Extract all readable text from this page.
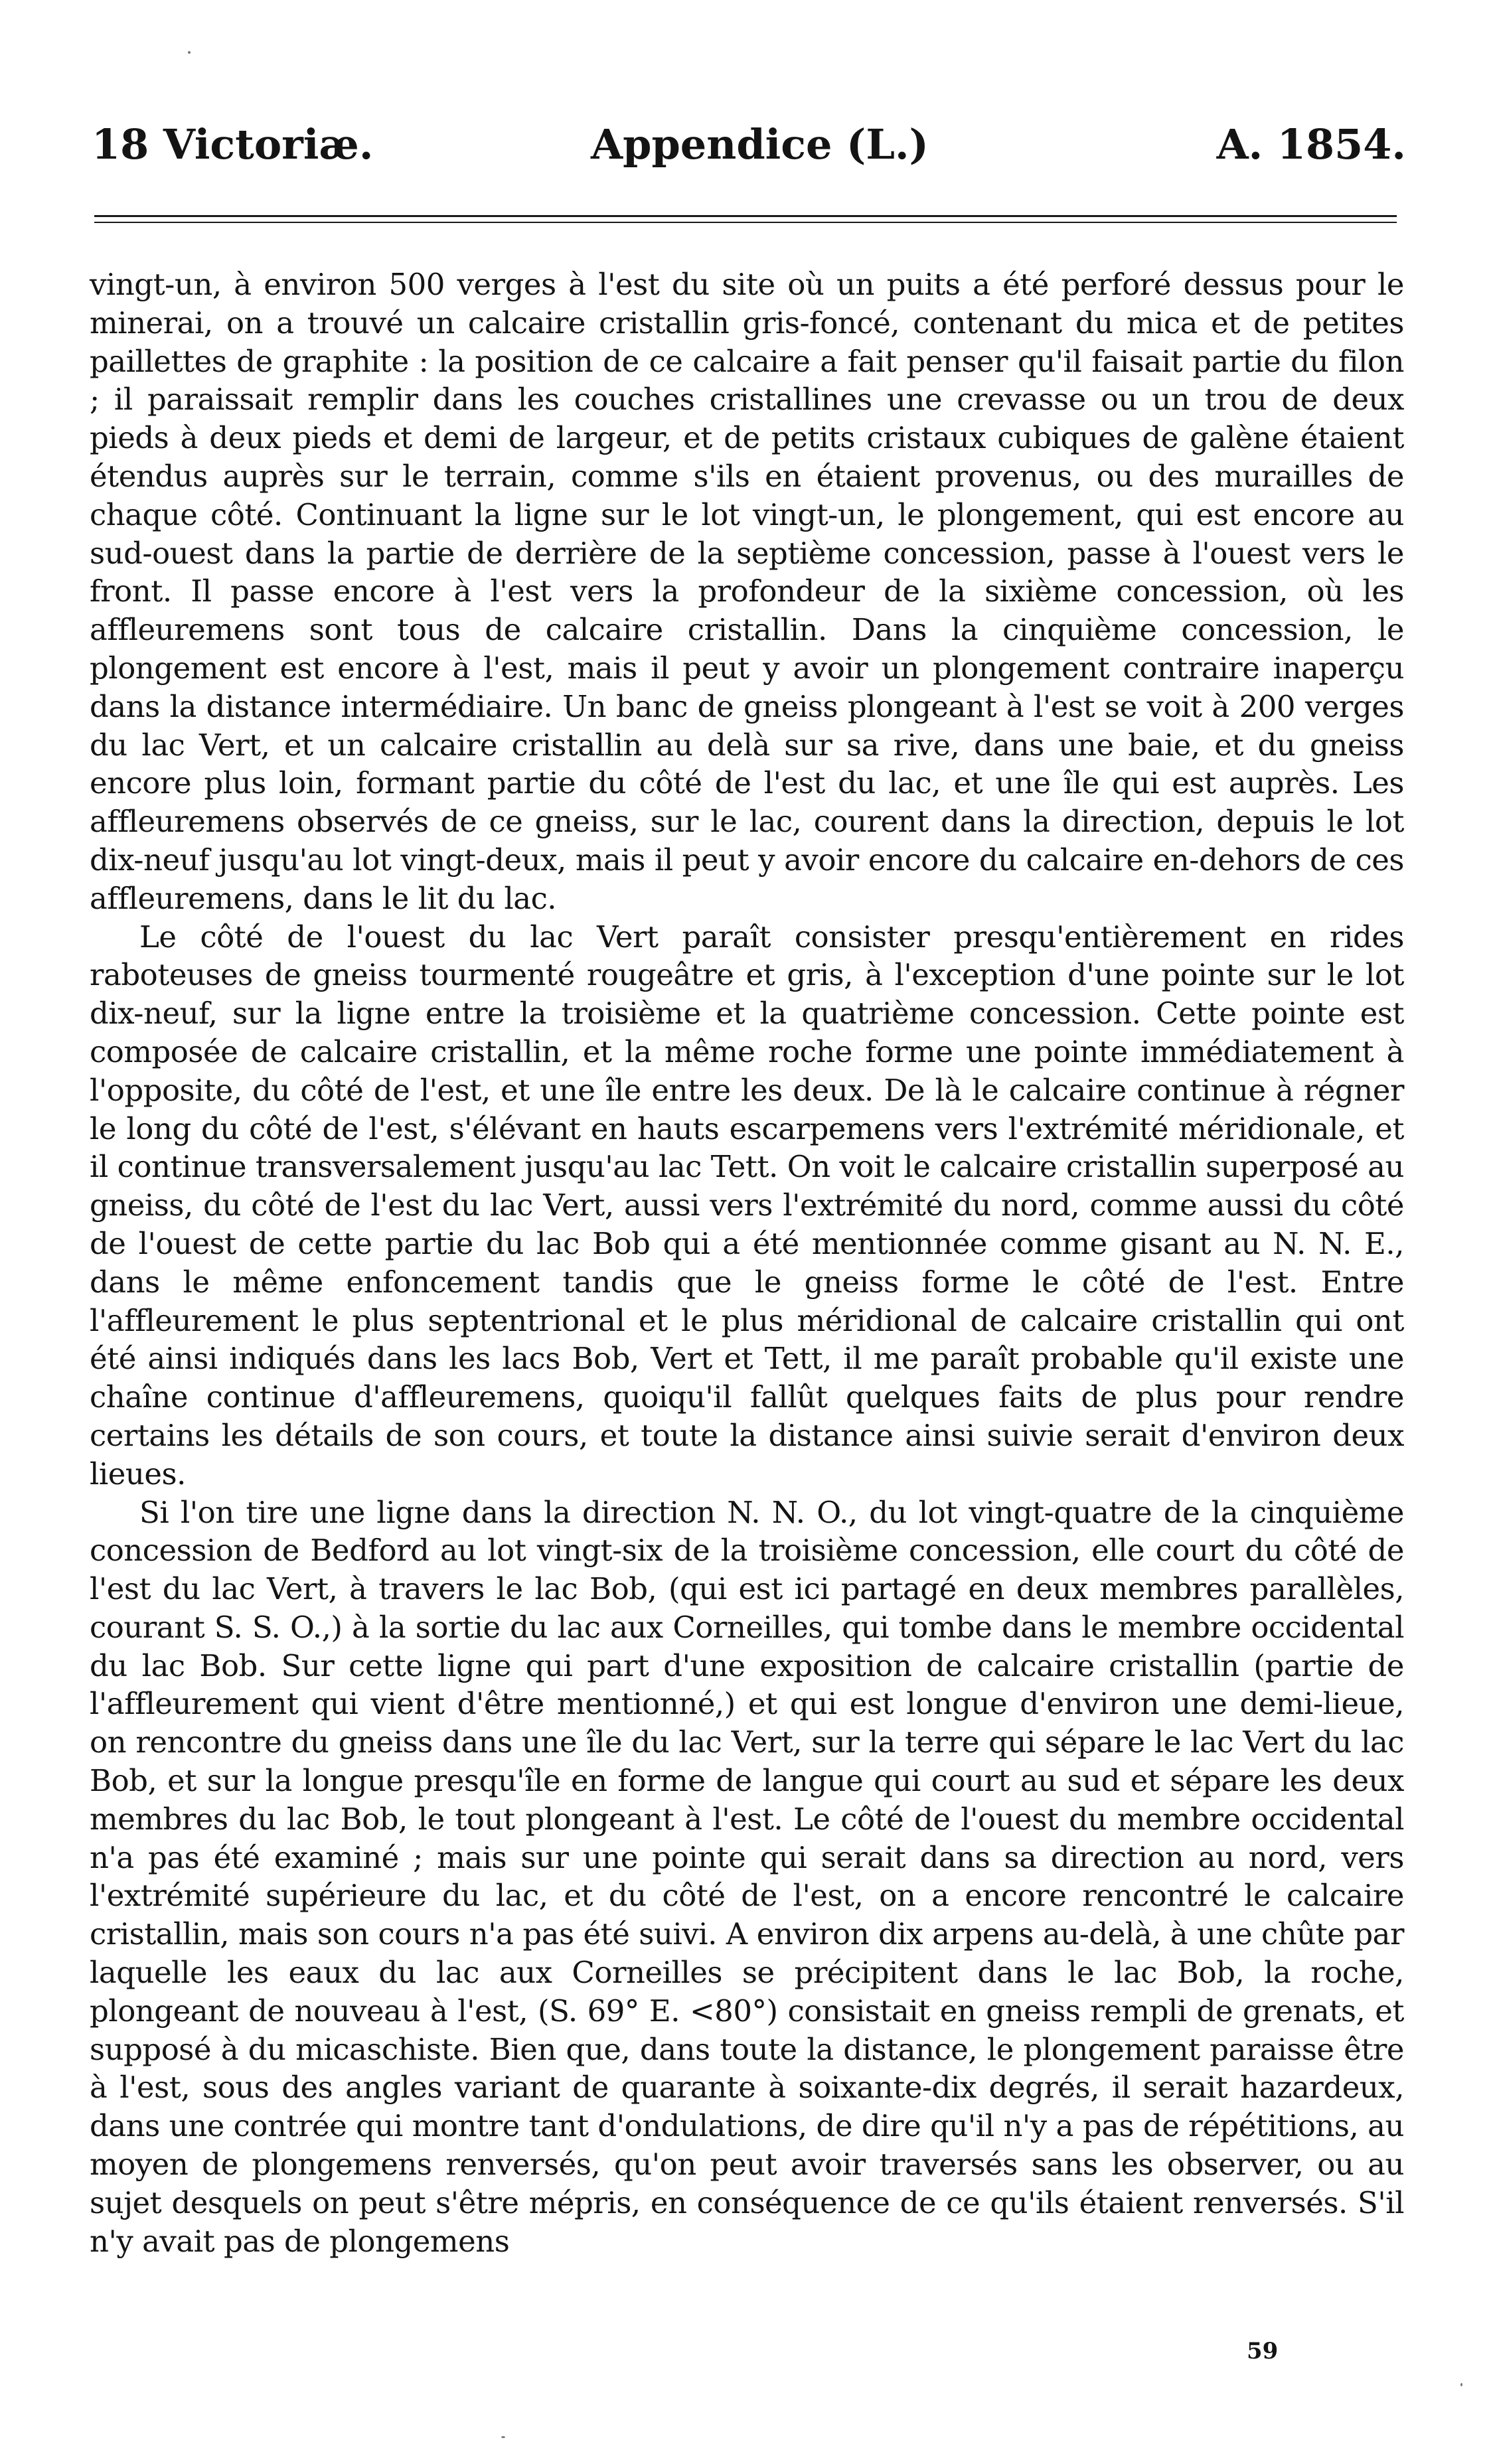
18 Victoriæ.	Appendice (L.)	A. 1854.

vingt-un, à environ 500 verges à l'est du site où un puits a été perforé dessus pour le minerai, on a trouvé un calcaire cristallin gris-foncé, contenant du mica et de petites paillettes de graphite : la position de ce calcaire a fait penser qu'il faisait partie du filon ; il paraissait remplir dans les couches cristallines une crevasse ou un trou de deux pieds à deux pieds et demi de largeur, et de petits cristaux cubiques de galène étaient étendus auprès sur le terrain, comme s'ils en étaient provenus, ou des murailles de chaque côté. Continuant la ligne sur le lot vingt-un, le plongement, qui est encore au sud-ouest dans la partie de derrière de la septième concession, passe à l'ouest vers le front. Il passe encore à l'est vers la profondeur de la sixième concession, où les affleuremens sont tous de calcaire cristallin. Dans la cinquième concession, le plongement est encore à l'est, mais il peut y avoir un plongement contraire inaperçu dans la distance intermédiaire. Un banc de gneiss plongeant à l'est se voit à 200 verges du lac Vert, et un calcaire cristallin au delà sur sa rive, dans une baie, et du gneiss encore plus loin, formant partie du côté de l'est du lac, et une île qui est auprès. Les affleuremens observés de ce gneiss, sur le lac, courent dans la direction, depuis le lot dix-neuf jusqu'au lot vingt-deux, mais il peut y avoir encore du calcaire en-dehors de ces affleuremens, dans le lit du lac.

Le côté de l'ouest du lac Vert paraît consister presqu'entièrement en rides raboteuses de gneiss tourmenté rougeâtre et gris, à l'exception d'une pointe sur le lot dix-neuf, sur la ligne entre la troisième et la quatrième concession. Cette pointe est composée de calcaire cristallin, et la même roche forme une pointe immédiatement à l'opposite, du côté de l'est, et une île entre les deux. De là le calcaire continue à régner le long du côté de l'est, s'élévant en hauts escarpemens vers l'extrémité méridionale, et il continue transversalement jusqu'au lac Tett. On voit le calcaire cristallin superposé au gneiss, du côté de l'est du lac Vert, aussi vers l'extrémité du nord, comme aussi du côté de l'ouest de cette partie du lac Bob qui a été mentionnée comme gisant au N. N. E., dans le même enfoncement tandis que le gneiss forme le côté de l'est. Entre l'affleurement le plus septentrional et le plus méridional de calcaire cristallin qui ont été ainsi indiqués dans les lacs Bob, Vert et Tett, il me paraît probable qu'il existe une chaîne continue d'affleuremens, quoiqu'il fallût quelques faits de plus pour rendre certains les détails de son cours, et toute la distance ainsi suivie serait d'environ deux lieues.

Si l'on tire une ligne dans la direction N. N. O., du lot vingt-quatre de la cinquième concession de Bedford au lot vingt-six de la troisième concession, elle court du côté de l'est du lac Vert, à travers le lac Bob, (qui est ici partagé en deux membres parallèles, courant S. S. O.,) à la sortie du lac aux Corneilles, qui tombe dans le membre occidental du lac Bob. Sur cette ligne qui part d'une exposition de calcaire cristallin (partie de l'affleurement qui vient d'être mentionné,) et qui est longue d'environ une demi-lieue, on rencontre du gneiss dans une île du lac Vert, sur la terre qui sépare le lac Vert du lac Bob, et sur la longue presqu'île en forme de langue qui court au sud et sépare les deux membres du lac Bob, le tout plongeant à l'est. Le côté de l'ouest du membre occidental n'a pas été examiné ; mais sur une pointe qui serait dans sa direction au nord, vers l'extrémité supérieure du lac, et du côté de l'est, on a encore rencontré le calcaire cristallin, mais son cours n'a pas été suivi. A environ dix arpens au-delà, à une chûte par laquelle les eaux du lac aux Corneilles se précipitent dans le lac Bob, la roche, plongeant de nouveau à l'est, (S. 69° E. <80°) consistait en gneiss rempli de grenats, et supposé à du micaschiste. Bien que, dans toute la distance, le plongement paraisse être à l'est, sous des angles variant de quarante à soixante-dix degrés, il serait hazardeux, dans une contrée qui montre tant d'ondulations, de dire qu'il n'y a pas de répétitions, au moyen de plongemens renversés, qu'on peut avoir traversés sans les observer, ou au sujet desquels on peut s'être mépris, en conséquence de ce qu'ils étaient renversés. S'il n'y avait pas de plongemens

59
